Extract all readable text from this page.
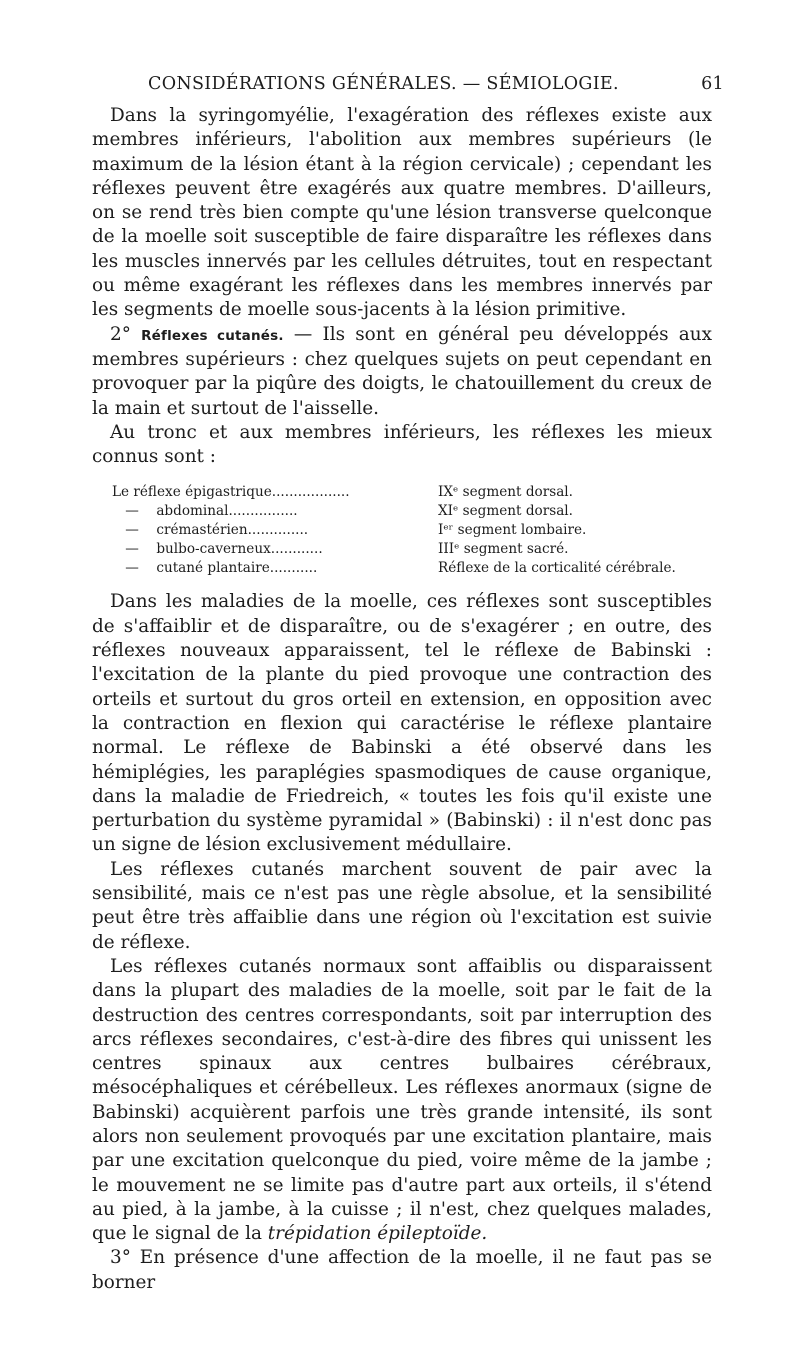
CONSIDÉRATIONS GÉNÉRALES. — SÉMIOLOGIE.	61

Dans la syringomyélie, l'exagération des réflexes existe aux membres inférieurs, l'abolition aux membres supérieurs (le maximum de la lésion étant à la région cervicale) ; cependant les réflexes peuvent être exagérés aux quatre membres. D'ailleurs, on se rend très bien compte qu'une lésion transverse quelconque de la moelle soit susceptible de faire disparaître les réflexes dans les muscles innervés par les cellules détruites, tout en respectant ou même exagérant les réflexes dans les membres innervés par les segments de moelle sous-jacents à la lésion primitive.

2° Réflexes cutanés. — Ils sont en général peu développés aux membres supérieurs : chez quelques sujets on peut cependant en provoquer par la piqûre des doigts, le chatouillement du creux de la main et surtout de l'aisselle.

Au tronc et aux membres inférieurs, les réflexes les mieux connus sont :

Le réflexe épigastrique..................	IXᵉ segment dorsal.
— abdominal................	XIᵉ segment dorsal.
— crémastérien..............	Iᵉʳ segment lombaire.
— bulbo-caverneux............	IIIᵉ segment sacré.
— cutané plantaire...........	Réflexe de la corticalité cérébrale.

Dans les maladies de la moelle, ces réflexes sont susceptibles de s'affaiblir et de disparaître, ou de s'exagérer ; en outre, des réflexes nouveaux apparaissent, tel le réflexe de Babinski : l'excitation de la plante du pied provoque une contraction des orteils et surtout du gros orteil en extension, en opposition avec la contraction en flexion qui caractérise le réflexe plantaire normal. Le réflexe de Babinski a été observé dans les hémiplégies, les paraplégies spasmodiques de cause organique, dans la maladie de Friedreich, « toutes les fois qu'il existe une perturbation du système pyramidal » (Babinski) : il n'est donc pas un signe de lésion exclusivement médullaire.

Les réflexes cutanés marchent souvent de pair avec la sensibilité, mais ce n'est pas une règle absolue, et la sensibilité peut être très affaiblie dans une région où l'excitation est suivie de réflexe.

Les réflexes cutanés normaux sont affaiblis ou disparaissent dans la plupart des maladies de la moelle, soit par le fait de la destruction des centres correspondants, soit par interruption des arcs réflexes secondaires, c'est-à-dire des fibres qui unissent les centres spinaux aux centres bulbaires cérébraux, mésocéphaliques et cérébelleux. Les réflexes anormaux (signe de Babinski) acquièrent parfois une très grande intensité, ils sont alors non seulement provoqués par une excitation plantaire, mais par une excitation quelconque du pied, voire même de la jambe ; le mouvement ne se limite pas d'autre part aux orteils, il s'étend au pied, à la jambe, à la cuisse ; il n'est, chez quelques malades, que le signal de la trépidation épileptoïde.

3° En présence d'une affection de la moelle, il ne faut pas se borner
